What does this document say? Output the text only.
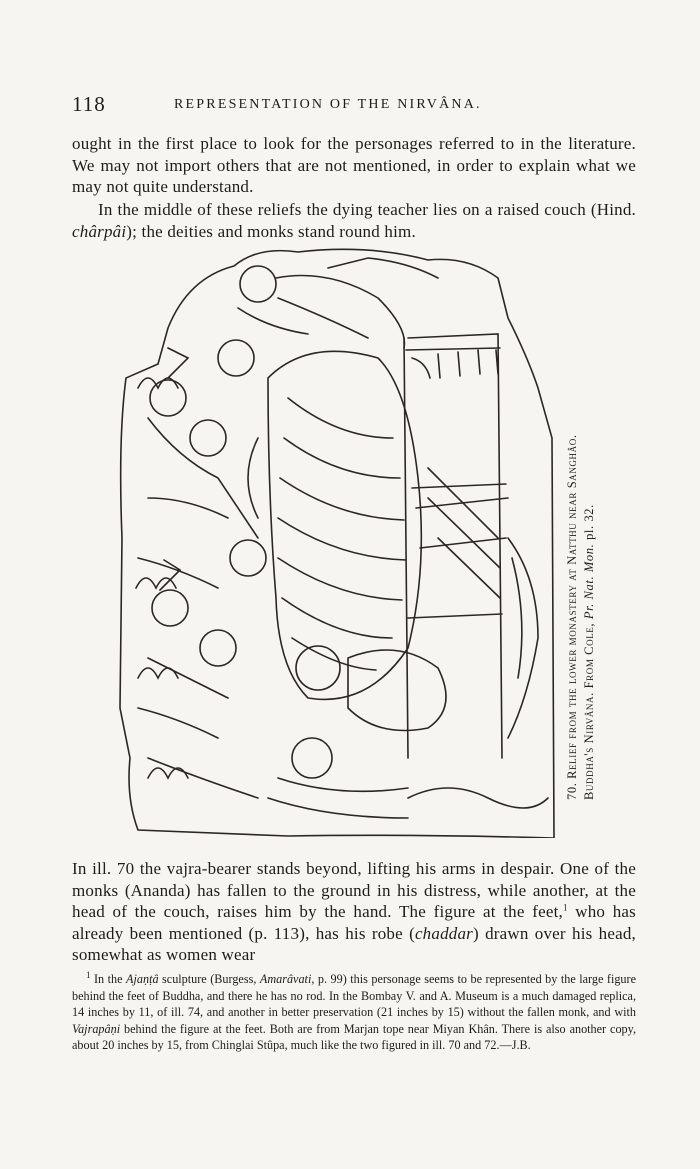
118	REPRESENTATION OF THE NIRVÂNA.

ought in the first place to look for the personages referred to in the literature. We may not import others that are not mentioned, in order to explain what we may not quite understand.

In the middle of these reliefs the dying teacher lies on a raised couch (Hind. chârpâi); the deities and monks stand round him.

70. Relief from the lower monastery at Natthu near Sanghâo. Buddha's Nirvâna. From Cole, Pr. Nat. Mon. pl. 32.

In ill. 70 the vajra-bearer stands beyond, lifting his arms in despair. One of the monks (Ananda) has fallen to the ground in his distress, while another, at the head of the couch, raises him by the hand. The figure at the feet,$^1$ who has already been mentioned (p. 113), has his robe (chaddar) drawn over his head, somewhat as women wear

$^1$ In the Ajaṇṭâ sculpture (Burgess, Amarâvati, p. 99) this personage seems to be represented by the large figure behind the feet of Buddha, and there he has no rod. In the Bombay V. and A. Museum is a much damaged replica, 14 inches by 11, of ill. 74, and another in better preservation (21 inches by 15) without the fallen monk, and with Vajrapâṇi behind the figure at the feet. Both are from Marjan tope near Miyan Khân. There is also another copy, about 20 inches by 15, from Chinglai Stûpa, much like the two figured in ill. 70 and 72.—J.B.
